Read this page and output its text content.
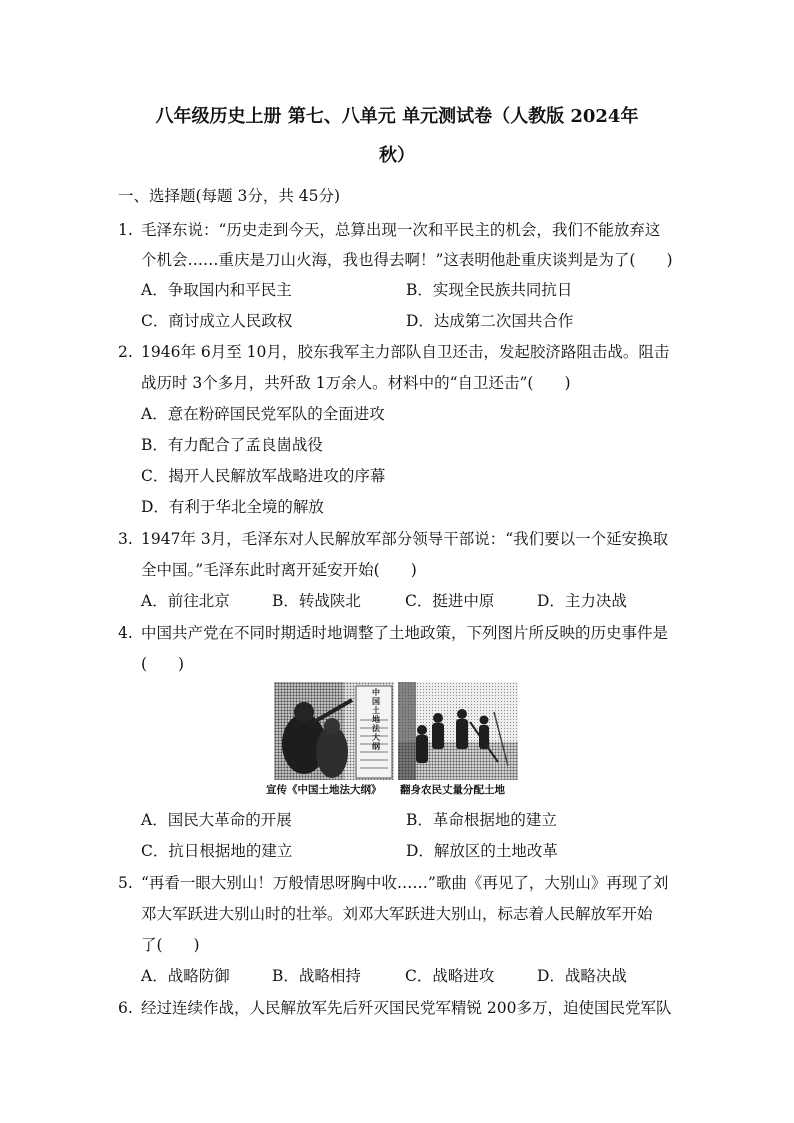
八年级历史上册 第七、八单元 单元测试卷（人教版 2024年
秋）
一、选择题(每题 3分，共 45分)
1. 毛泽东说：“历史走到今天，总算出现一次和平民主的机会，我们不能放弃这
个机会……重庆是刀山火海，我也得去啊！”这表明他赴重庆谈判是为了(　　)
A．争取国内和平民主	B．实现全民族共同抗日
C．商讨成立人民政权	D．达成第二次国共合作
2. 1946年 6月至 10月，胶东我军主力部队自卫还击，发起胶济路阻击战。阻击
战历时 3个多月，共歼敌 1万余人。材料中的“自卫还击”(　　)
A．意在粉碎国民党军队的全面进攻
B．有力配合了孟良崮战役
C．揭开人民解放军战略进攻的序幕
D．有利于华北全境的解放
3. 1947年 3月，毛泽东对人民解放军部分领导干部说：“我们要以一个延安换取
全中国。”毛泽东此时离开延安开始(　　)
A．前往北京	B．转战陕北	C．挺进中原	D．主力决战
4. 中国共产党在不同时期适时地调整了土地政策，下列图片所反映的历史事件是
(　　)
中国土地法大纲
宣传《中国土地法大纲》 翻身农民丈量分配土地
A．国民大革命的开展	B．革命根据地的建立
C．抗日根据地的建立	D．解放区的土地改革
5. “再看一眼大别山！万般情思呀胸中收……”歌曲《再见了，大别山》再现了刘
邓大军跃进大别山时的壮举。刘邓大军跃进大别山，标志着人民解放军开始
了(　　)
A．战略防御	B．战略相持	C．战略进攻	D．战略决战
6. 经过连续作战，人民解放军先后歼灭国民党军精锐 200多万，迫使国民党军队
